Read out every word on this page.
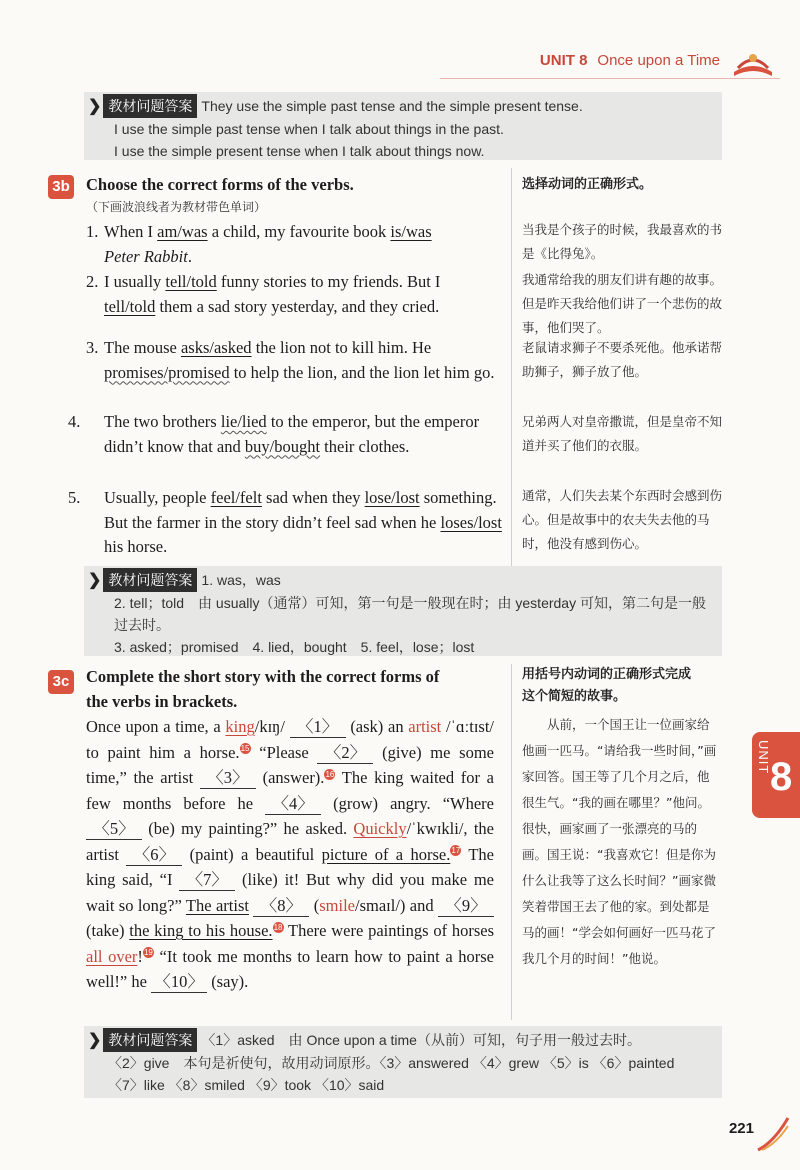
UNIT 8 Once upon a Time
❯ 教材问题答案 They use the simple past tense and the simple present tense.
I use the simple past tense when I talk about things in the past.
I use the simple present tense when I talk about things now.
3b Choose the correct forms of the verbs.
（下画波浪线者为教材带色单词）
选择动词的正确形式。
1. When I am/was a child, my favourite book is/was
Peter Rabbit.
2. I usually tell/told funny stories to my friends. But I
tell/told them a sad story yesterday, and they cried.
3. The mouse asks/asked the lion not to kill him. He
promises/promised to help the lion, and the lion let him go.
4. The two brothers lie/lied to the emperor, but the emperor didn’t know that and buy/bought their clothes.
5. Usually, people feel/felt sad when they lose/lost something. But the farmer in the story didn’t feel sad when he loses/lost his horse.
当我是个孩子的时候，我最喜欢的书是《比得兔》。
我通常给我的朋友们讲有趣的故事。但是昨天我给他们讲了一个悲伤的故事，他们哭了。
老鼠请求狮子不要杀死他。他承诺帮助狮子，狮子放了他。
兄弟两人对皇帝撒谎，但是皇帝不知道并买了他们的衣服。
通常，人们失去某个东西时会感到伤心。但是故事中的农夫失去他的马时，他没有感到伤心。
❯ 教材问题答案 1. was，was
2. tell；told　由 usually（通常）可知，第一句是一般现在时；由 yesterday 可知，第二句是一般
过去时。
3. asked；promised　4. lied，bought　5. feel，lose；lost
3c Complete the short story with the correct forms of
the verbs in brackets.
用括号内动词的正确形式完成
这个简短的故事。
Once upon a time, a king/kɪŋ/ 〈1〉 (ask) an artist /ˈɑːtɪst/ to paint him a horse.15 “Please 〈2〉 (give) me some time,” the artist 〈3〉 (answer).16 The king waited for a few months before he 〈4〉 (grow) angry. “Where 〈5〉 (be) my painting?” he asked. Quickly/ˈkwɪkli/, the artist 〈6〉 (paint) a beautiful picture of a horse.17 The king said, “I 〈7〉 (like) it! But why did you make me wait so long?” The artist 〈8〉 (smile/smaɪl/) and 〈9〉 (take) the king to his house.18 There were paintings of horses all over!19 “It took me months to learn how to paint a horse well!” he 〈10〉 (say).
从前，一个国王让一位画家给他画一匹马。“请给我一些时间，”画家回答。国王等了几个月之后，他很生气。“我的画在哪里？”他问。很快，画家画了一张漂亮的马的画。国王说：“我喜欢它！但是你为什么让我等了这么长时间？”画家微笑着带国王去了他的家。到处都是马的画！“学会如何画好一匹马花了我几个月的时间！”他说。
❯ 教材问题答案 〈1〉asked　由 Once upon a time（从前）可知，句子用一般过去时。
〈2〉give　本句是祈使句，故用动词原形。〈3〉answered 〈4〉grew 〈5〉is 〈6〉painted
〈7〉like 〈8〉smiled 〈9〉took 〈10〉said
UNIT 8
221
